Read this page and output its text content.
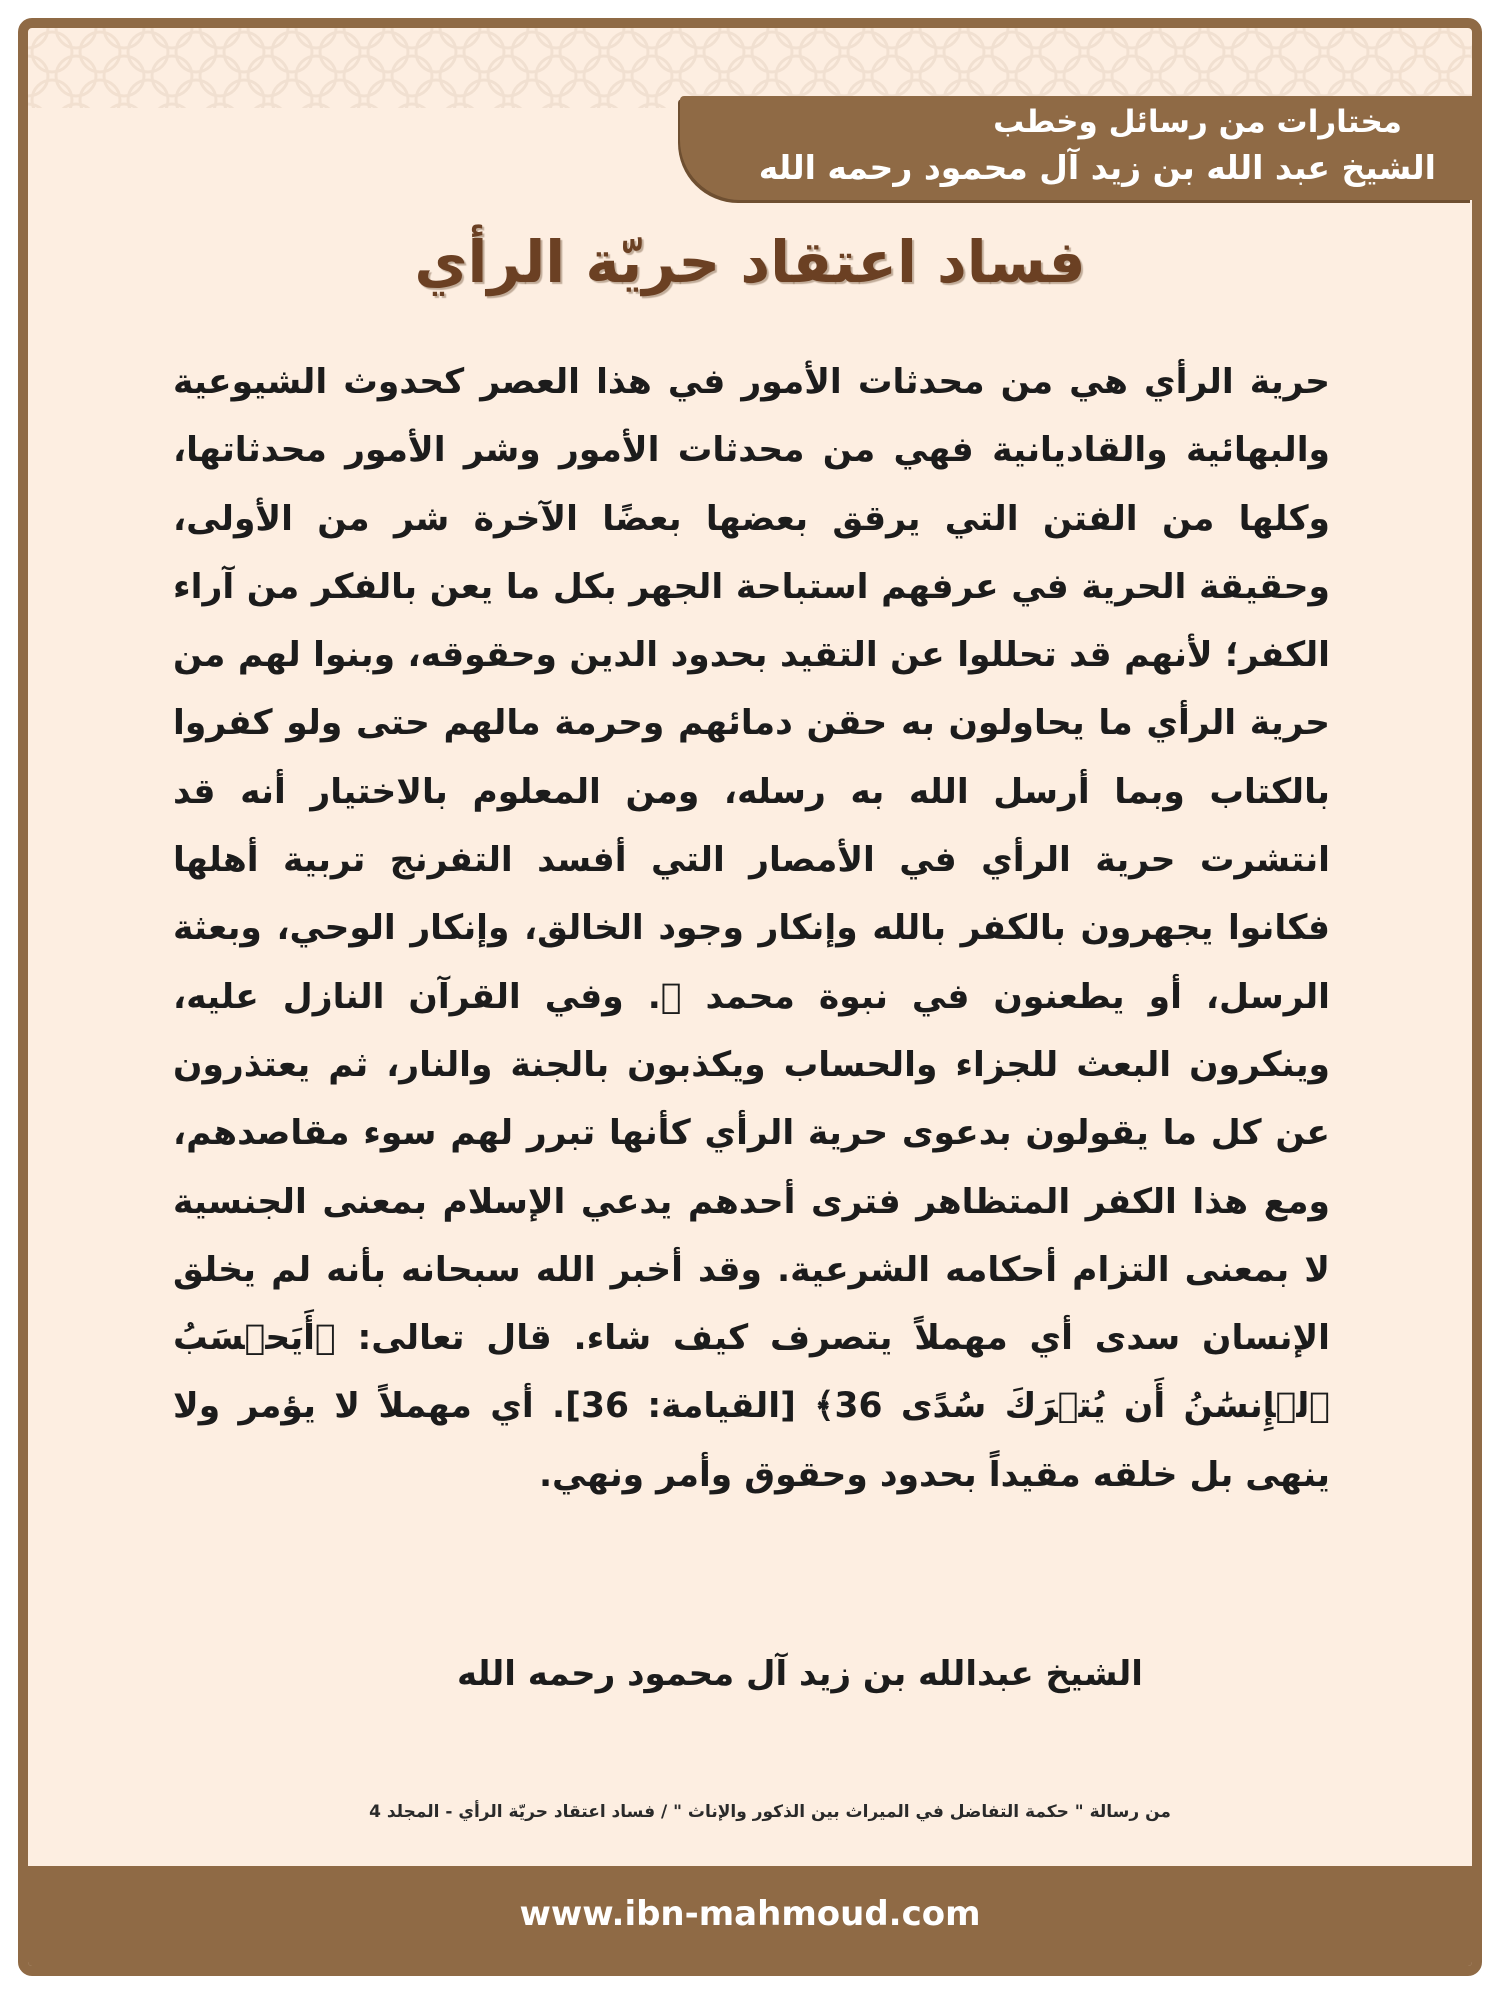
مختارات من رسائل وخطب
الشيخ عبد الله بن زيد آل محمود رحمه الله
فساد اعتقاد حريّة الرأي

حرية الرأي هي من محدثات الأمور في هذا العصر كحدوث الشيوعية والبهائية والقاديانية فهي من محدثات الأمور وشر الأمور محدثاتها، وكلها من الفتن التي يرقق بعضها بعضًا الآخرة شر من الأولى، وحقيقة الحرية في عرفهم استباحة الجهر بكل ما يعن بالفكر من آراء الكفر؛ لأنهم قد تحللوا عن التقيد بحدود الدين وحقوقه، وبنوا لهم من حرية الرأي ما يحاولون به حقن دمائهم وحرمة مالهم حتى ولو كفروا بالكتاب وبما أرسل الله به رسله، ومن المعلوم بالاختيار أنه قد انتشرت حرية الرأي في الأمصار التي أفسد التفرنج تربية أهلها فكانوا يجهرون بالكفر بالله وإنكار وجود الخالق، وإنكار الوحي، وبعثة الرسل، أو يطعنون في نبوة محمد ﷺ. وفي القرآن النازل عليه، وينكرون البعث للجزاء والحساب ويكذبون بالجنة والنار، ثم يعتذرون عن كل ما يقولون بدعوى حرية الرأي كأنها تبرر لهم سوء مقاصدهم، ومع هذا الكفر المتظاهر فترى أحدهم يدعي الإسلام بمعنى الجنسية لا بمعنى التزام أحكامه الشرعية. وقد أخبر الله سبحانه بأنه لم يخلق الإنسان سدى أي مهملاً يتصرف كيف شاء. قال تعالى: ﴿أَيَحۡسَبُ ٱلۡإِنسَٰنُ أَن يُتۡرَكَ سُدًى 36﴾ [القيامة: 36]. أي مهملاً لا يؤمر ولا ينهى بل خلقه مقيداً بحدود وحقوق وأمر ونهي.

الشيخ عبدالله بن زيد آل محمود رحمه الله
من رسالة " حكمة التفاضل في الميراث بين الذكور والإناث " / فساد اعتقاد حريّة الرأي - المجلد 4
www.ibn-mahmoud.com
